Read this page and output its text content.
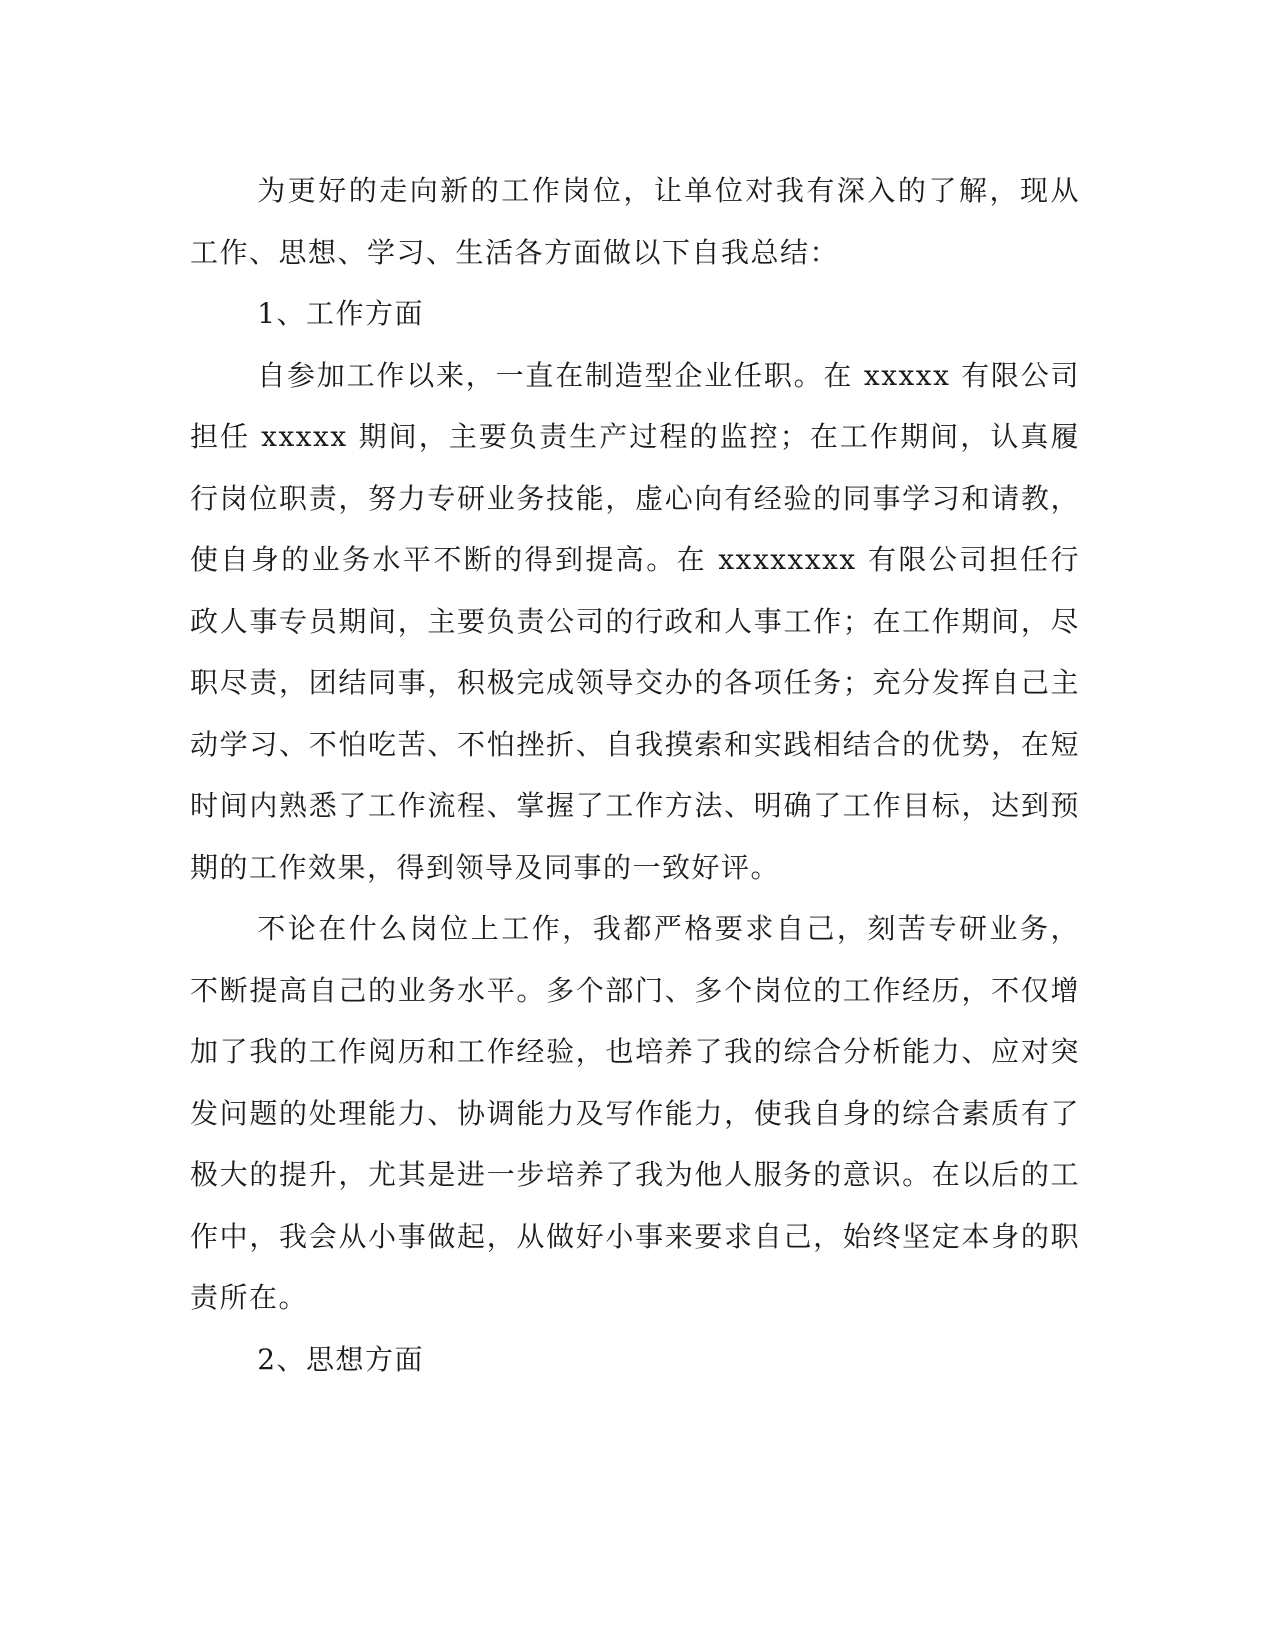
为更好的走向新的工作岗位，让单位对我有深入的了解，现从工作、思想、学习、生活各方面做以下自我总结：

1、工作方面

自参加工作以来，一直在制造型企业任职。在 xxxxx 有限公司担任 xxxxx 期间，主要负责生产过程的监控；在工作期间，认真履行岗位职责，努力专研业务技能，虚心向有经验的同事学习和请教，使自身的业务水平不断的得到提高。在 xxxxxxxx 有限公司担任行政人事专员期间，主要负责公司的行政和人事工作；在工作期间，尽职尽责，团结同事，积极完成领导交办的各项任务；充分发挥自己主动学习、不怕吃苦、不怕挫折、自我摸索和实践相结合的优势，在短时间内熟悉了工作流程、掌握了工作方法、明确了工作目标，达到预期的工作效果，得到领导及同事的一致好评。

不论在什么岗位上工作，我都严格要求自己，刻苦专研业务，不断提高自己的业务水平。多个部门、多个岗位的工作经历，不仅增加了我的工作阅历和工作经验，也培养了我的综合分析能力、应对突发问题的处理能力、协调能力及写作能力，使我自身的综合素质有了极大的提升，尤其是进一步培养了我为他人服务的意识。在以后的工作中，我会从小事做起，从做好小事来要求自己，始终坚定本身的职责所在。

2、思想方面
